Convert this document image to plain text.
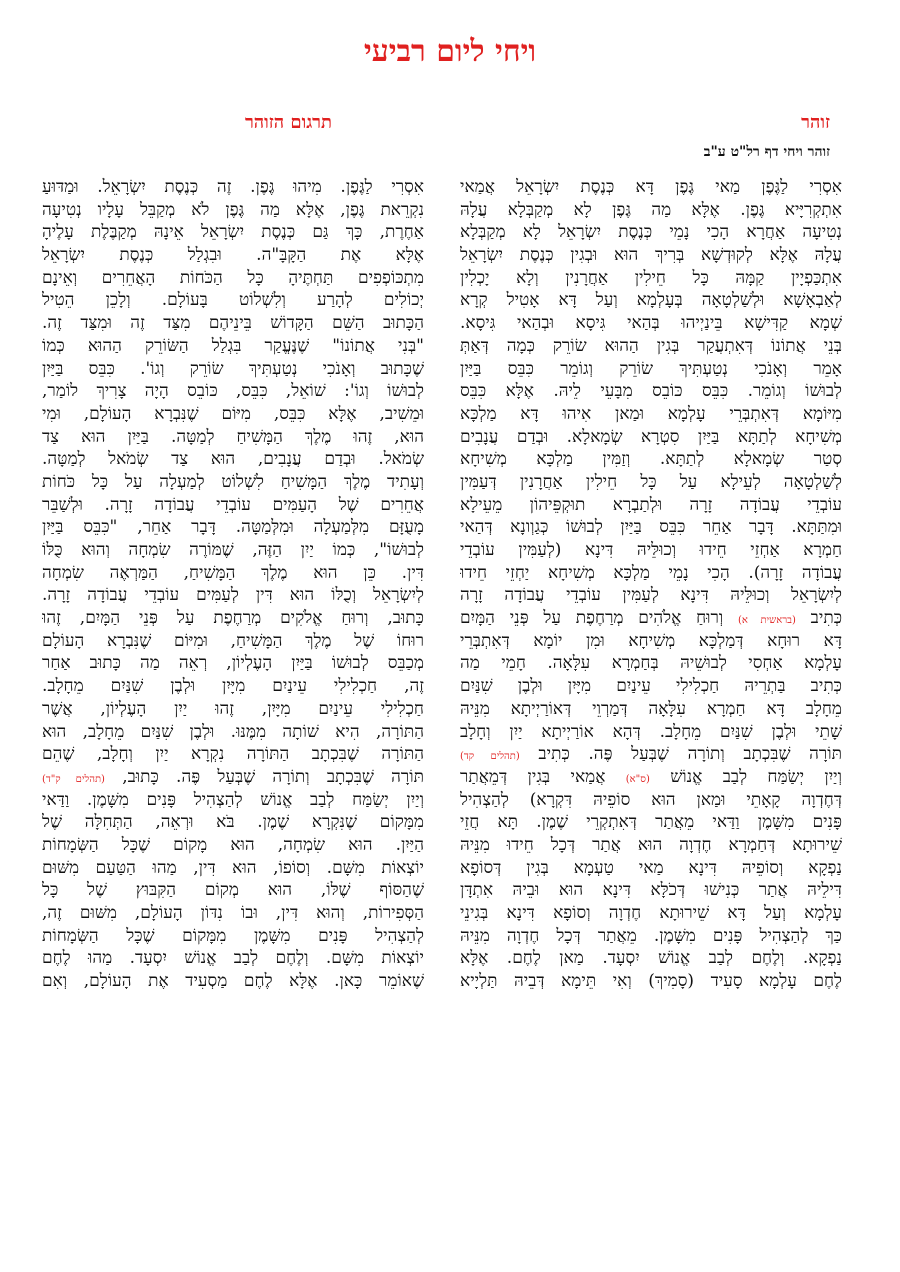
ויחי ליום רביעי
זוהר
תרגום הזוהר
זוהר ויחי דף רל"ט ע"ב
אִסְרִי לַגֶּפֶן מַאי גֶּפֶן דָּא כְּנֶסֶת יִשְׂרָאֵל אֲמַאי
אִתְקְרִיָּיא גֶּפֶן. אֶלָּא מַה גֶּפֶן לָא מְקַבְּלָא עֲלָהּ
נְטִיעָה אַחֲרָא הָכִי נָמֵי כְּנֶסֶת יִשְׂרָאֵל לָא מְקַבְּלָא
עֲלָהּ אֶלָּא לְקוּדְשָׁא בְּרִיךְ הוּא וּבְגִין כְּנֶסֶת יִשְׂרָאֵל
אִתְכַּפְיָין קַמָּהּ כָּל חֵילִין אַחֲרָנִין וְלָא יָכְלִין
לְאַבְאָשָׁא וּלְשַׁלְטָאָה בְּעָלְמָא וְעַל דָּא אָטִיל קְרָא
שְׁמָא קַדִּישָׁא בֵּינַיְיהוּ בְּהַאי גִּיסָא וּבְהַאי גִּיסָא.
בְּנֵי אֲתוֹנוֹ דְּאִתְעֲקַר בְּגִין הַהוּא שׂוֹרֵק כְּמָה דְּאַתְּ
אָמֵר וְאָנֹכִי נְטַעְתִּיךְ שׂוֹרֵק וְגוֹמֵר כִּבֵּס בַּיַּיִן
לְבוּשׁוֹ וְגוֹמֵר. כִּבֵּס כּוֹבֵס מִבָּעֵי לֵיהּ. אֶלָּא כִּבֵּס
מִיּוֹמָא דְּאִתְבְּרֵי עָלְמָא וּמַאן אִיהוּ דָּא מַלְכָּא
מְשִׁיחָא לְתַתָּא בַּיַּיִן סִטְרָא שְׂמָאלָא. וּבְדַם עֲנָבִים
סְטַר שְׂמָאלָא לְתַתָּא. וְזַמִּין מַלְכָּא מְשִׁיחָא
לְשַׁלְטָאָה לְעֵילָא עַל כָּל חֵילִין אַחֲרָנִין דְּעַמִּין
עוֹבְדֵי עֲבוֹדָה זָרָה וּלְתַבְרָא תוּקְפֵּיהוֹן מֵעֵילָא
וּמִתַּתָּא. דָּבָר אַחֵר כִּבֵּס בַּיַּיִן לְבוּשׁוֹ כְּגַוְונָא דְּהַאי
חַמְרָא אַחְזֵי חֵידוּ וְכוּלֵּיהּ דִּינָא (לְעַמִּין עוֹבְדֵי
עֲבוֹדָה זָרָה). הָכִי נָמֵי מַלְכָּא מְשִׁיחָא יַחְזֵי חֵידוּ
לְיִשְׂרָאֵל וְכוּלֵּיהּ דִּינָא לְעַמִּין עוֹבְדֵי עֲבוֹדָה זָרָה
כְּתִיב (בראשית א) וְרוּחַ אֱלֹהִים מְרַחֶפֶת עַל פְּנֵי הַמָּיִם
דָּא רוּחָא דְּמַלְכָּא מְשִׁיחָא וּמִן יוֹמָא דְּאִתְבְּרֵי
עָלְמָא אַחְסִי לְבוּשֵׁיהּ בְּחַמְרָא עִלָּאָה. חָמֵי מַה
כְּתִיב בַּתְרֵיהּ חַכְלִילִי עֵינַיִם מִיָּיִן וּלְבֶן שִׁנַּיִם
מֵחָלָב דָּא חַמְרָא עִלָּאָה דְּמַרְוֵי דְּאוֹרַיְיתָא מִנֵּיהּ
שָׁתֵי וּלְבֶן שִׁנַּיִם מֵחָלָב. דְּהָא אוֹרַיְיתָא יַיִן וְחָלָב
תּוֹרָה שֶׁבִּכְתָב וְתוֹרָה שֶׁבְּעַל פֶּה. כְּתִיב (תהלים קד)
וְיַיִן יְשַׂמַּח לְבַב אֱנוֹשׁ (ס"א) אֲמַאי בְּגִין דְּמֵאֲתַר
דְּחֶדְוָה קָאָתֵי וּמַאן הוּא סוֹפֵיהּ דִּקְרָא) לְהַצְהִיל
פָּנִים מִשָּׁמֶן וַדַּאי מֵאֲתַר דְּאִתְקְרֵי שֶׁמֶן. תָּא חֲזֵי
שֵׁירוּתָא דְּחַמְרָא חֶדְוָה הוּא אֲתַר דְּכָל חֵידוּ מִנֵּיהּ
נַפְקָא וְסוֹפֵיהּ דִּינָא מַאי טַעְמָא בְּגִין דְּסוֹפָא
דִּילֵיהּ אֲתַר כְּנִישׁוּ דְּכֹלָּא דִּינָא הוּא וּבֵיהּ אִתְדָּן
עָלְמָא וְעַל דָּא שֵׁירוּתָא חֶדְוָה וְסוֹפָא דִּינָא בְּגִינֵי
כַּךְ לְהַצְהִיל פָּנִים מִשָּׁמֶן. מֵאֲתַר דְּכָל חֶדְוָה מִנֵּיהּ
נַפְקָא. וְלֶחֶם לְבַב אֱנוֹשׁ יִסְעָד. מַאן לֶחֶם. אֶלָּא
לֶחֶם עָלְמָא סָעִיד (סָמִיךְ) וְאִי תֵּימָא דְּבֵיהּ תַּלְיָיא
אִסְרִי לַגֶּפֶן. מִיהוּ גֶּפֶן. זֶה כְּנֶסֶת יִשְׂרָאֵל. וּמַדּוּעַ
נִקְרֵאת גֶּפֶן, אֶלָּא מַה גֶּפֶן לֹא מְקַבֵּל עָלָיו נְטִיעָה
אַחֶרֶת, כָּךְ גַּם כְּנֶסֶת יִשְׂרָאֵל אֵינָהּ מְקַבֶּלֶת עָלֶיהָ
אֶלָּא אֶת הַקָּבָּ"ה. וּבִגְלַל כְּנֶסֶת יִשְׂרָאֵל
מִתְכּוֹפְפִים תַּחְתֶּיהָ כָּל הַכֹּחוֹת הָאֲחֵרִים וְאֵינָם
יְכוֹלִים לְהָרַע וְלִשְׁלוֹט בָּעוֹלָם. וְלָכֵן הֵטִיל
הַכָּתוּב הַשֵּׁם הַקָּדוֹשׁ בֵּינֵיהֶם מִצַּד זֶה וּמִצַּד זֶה.
"בְּנִי אֲתוֹנוֹ" שֶׁנֶּעֱקַר בִּגְלַל הַשּׂוֹרֵק הַהוּא כְּמוֹ
שֶׁכָּתוּב וְאָנֹכִי נְטַעְתִּיךְ שׂוֹרֵק וְגוֹ'. כִּבֵּס בַּיַּיִן
לְבוּשׁוֹ וְגוֹ': שׁוֹאֵל, כִּבֵּס, כּוֹבֵס הָיָה צָרִיךְ לוֹמַר,
וּמֵשִׁיב, אֶלָּא כִּבֵּס, מִיּוֹם שֶׁנִּבְרָא הָעוֹלָם, וּמִי
הוּא, זֶהוּ מֶלֶךְ הַמָּשִׁיחַ לְמַטָּה. בַּיַּיִן הוּא צַד
שְׂמֹאל. וּבְדַם עֲנָבִים, הוּא צַד שְׂמֹאל לְמַטָּה.
וְעָתִיד מֶלֶךְ הַמָּשִׁיחַ לִשְׁלוֹט לְמַעְלָה עַל כָּל כֹּחוֹת
אֲחֵרִים שֶׁל הָעַמִּים עוֹבְדֵי עֲבוֹדָה זָרָה. וּלְשַׁבֵּר
מָעֻזָּם מִלְּמַעְלָה וּמִלְּמַטָּה. דָּבָר אַחֵר, "כִּבֵּס בַּיַּיִן
לְבוּשׁוֹ", כְּמוֹ יַיִן הַזֶּה, שֶׁמּוֹרֶה שִׂמְחָה וְהוּא כֻּלּוֹ
דִּין. כֵּן הוּא מֶלֶךְ הַמָּשִׁיחַ, הַמַּרְאֶה שִׂמְחָה
לְיִשְׂרָאֵל וְכֻלּוֹ הוּא דִּין לְעַמִּים עוֹבְדֵי עֲבוֹדָה זָרָה.
כָּתוּב, וְרוּחַ אֱלֹקִים מְרַחֶפֶת עַל פְּנֵי הַמָּיִם, זֶהוּ
רוּחוֹ שֶׁל מֶלֶךְ הַמָּשִׁיחַ, וּמִיּוֹם שֶׁנִּבְרָא הָעוֹלָם
מְכַבֵּס לְבוּשׁוֹ בַּיַּיִן הָעֶלְיוֹן, רְאֵה מַה כָּתוּב אַחַר
זֶה, חַכְלִילִי עֵינַיִם מִיָּיִן וּלְבֶן שִׁנַּיִם מֵחָלָב.
חַכְלִילִי עֵינַיִם מִיָּיִן, זֶהוּ יַיִן הָעֶלְיוֹן, אֲשֶׁר
הַתּוֹרָה, הִיא שׁוֹתָה מִמֶּנּוּ. וּלְבֶן שִׁנַּיִם מֵחָלָב, הוּא
הַתּוֹרָה שֶׁבִּכְתָב הַתּוֹרָה נִקְרָא יַיִן וְחָלָב, שֶׁהֵם
תּוֹרָה שֶׁבִּכְתָב וְתוֹרָה שֶׁבְּעַל פֶּה. כָּתוּב, (תהלים ק"ד)
וְיַיִן יְשַׂמַּח לְבַב אֱנוֹשׁ לְהַצְהִיל פָּנִים מִשָּׁמֶן. וַדַּאי
מִמָּקוֹם שֶׁנִּקְרָא שֶׁמֶן. בֹּא וּרְאֵה, הַתְּחִלָּה שֶׁל
הַיַּיִן. הוּא שִׂמְחָה, הוּא מָקוֹם שֶׁכָּל הַשְּׂמָחוֹת
יוֹצְאוֹת מִשָּׁם. וְסוֹפוֹ, הוּא דִּין, מַהוּ הַטַּעַם מִשּׁוּם
שֶׁהַסּוֹף שֶׁלּוֹ, הוּא מְקוֹם הַקִּבּוּץ שֶׁל כָּל
הַסְּפִירוֹת, וְהוּא דִּין, וּבוֹ נִדּוֹן הָעוֹלָם, מִשּׁוּם זֶה,
לְהַצְהִיל פָּנִים מִשָּׁמֶן מִמָּקוֹם שֶׁכָּל הַשְּׂמָחוֹת
יוֹצְאוֹת מִשָּׁם. וְלֶחֶם לְבַב אֱנוֹשׁ יִסְעָד. מַהוּ לֶחֶם
שֶׁאוֹמֵר כָּאן. אֶלָּא לֶחֶם מַסְעִיד אֶת הָעוֹלָם, וְאִם
